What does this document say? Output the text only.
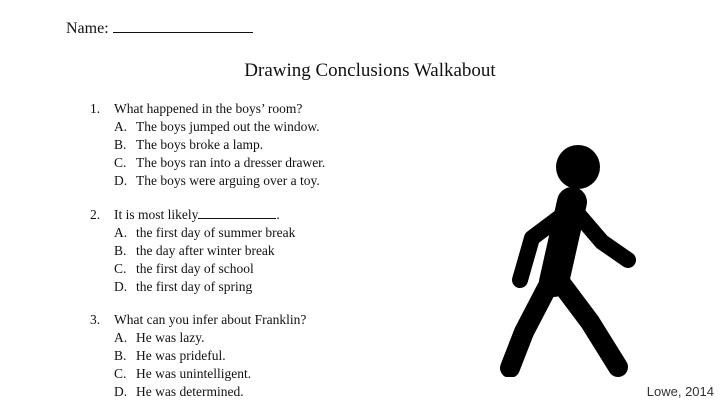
Name:
Drawing Conclusions Walkabout
1.	What happened in the boys’ room?
A. The boys jumped out the window.
B. The boys broke a lamp.
C. The boys ran into a dresser drawer.
D. The boys were arguing over a toy.
2.	It is most likely	.
A. the first day of summer break
B. the day after winter break
C. the first day of school
D. the first day of spring
3.	What can you infer about Franklin?
A. He was lazy.
B. He was prideful.
C. He was unintelligent.
D. He was determined.	Lowe, 2014
